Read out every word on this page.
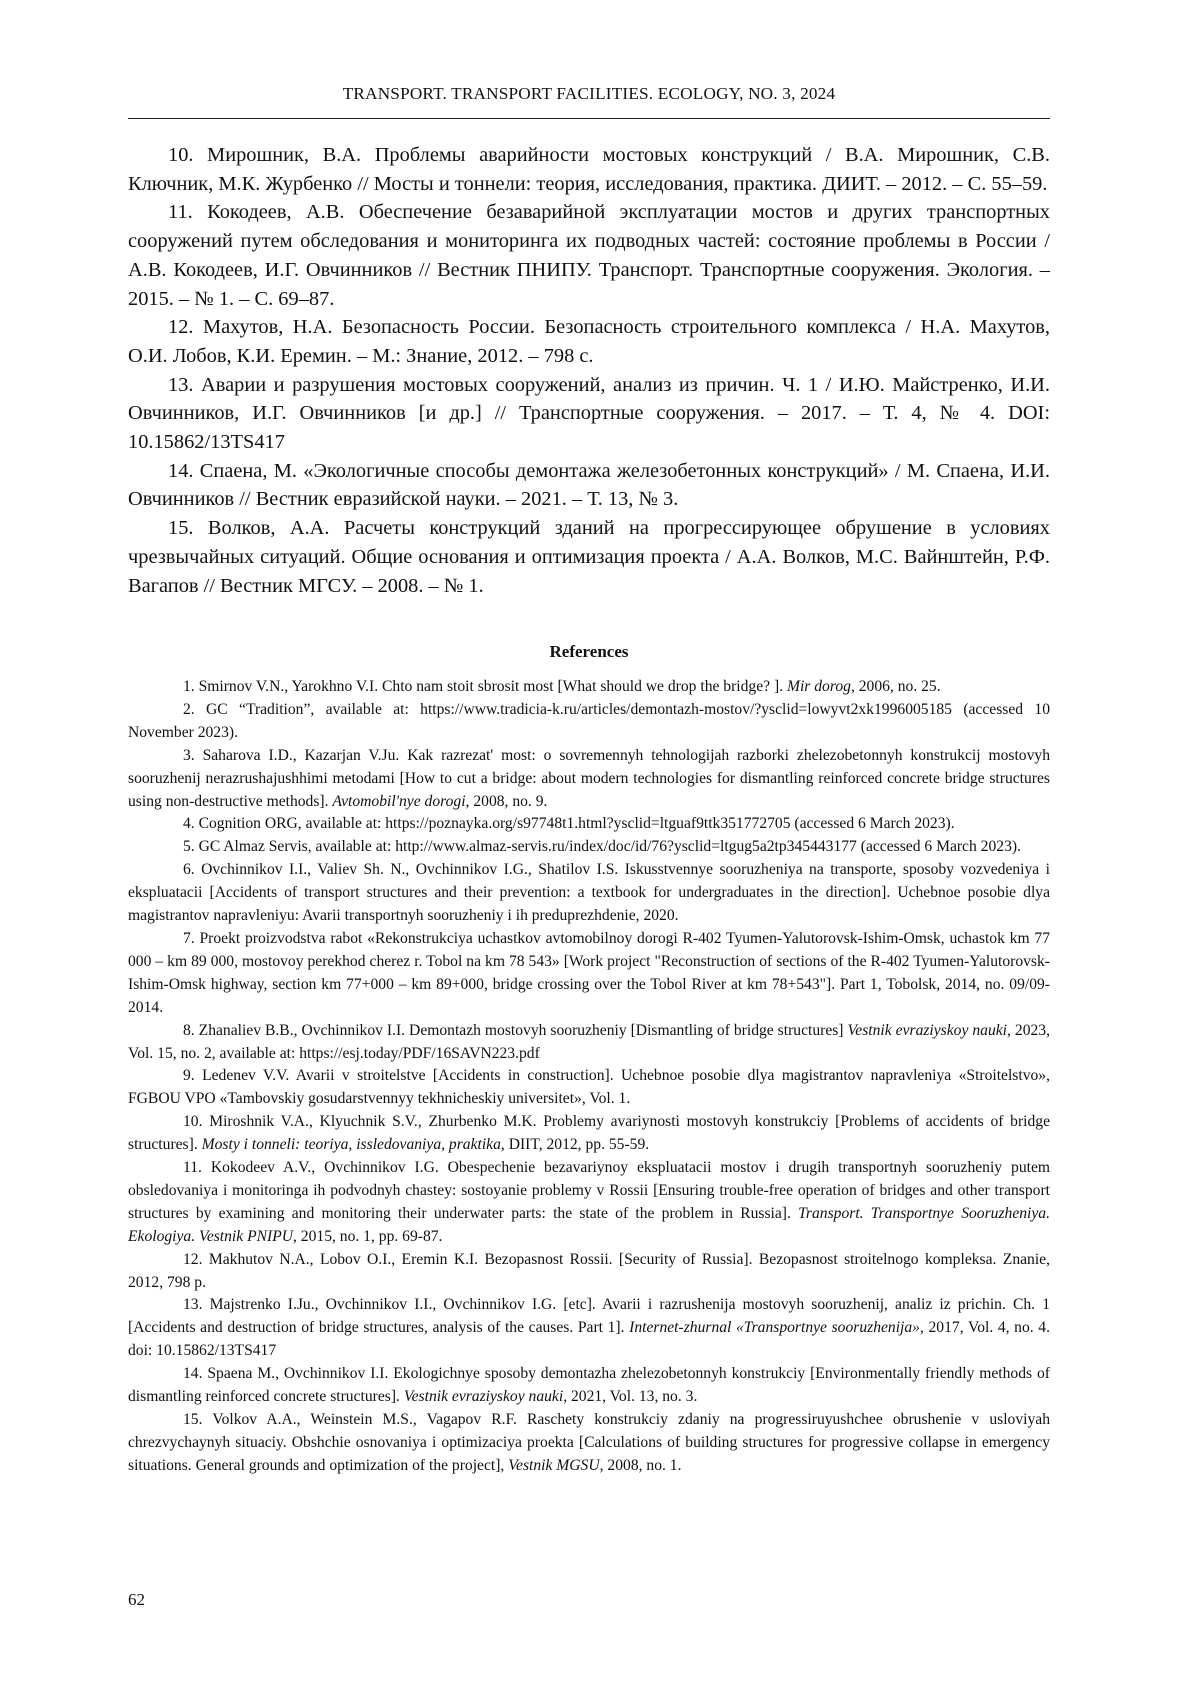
TRANSPORT. TRANSPORT FACILITIES. ECOLOGY, NO. 3, 2024

10. Мирошник, В.А. Проблемы аварийности мостовых конструкций / В.А. Мирошник, С.В. Ключник, М.К. Журбенко // Мосты и тоннели: теория, исследования, практика. ДИИТ. – 2012. – С. 55–59.

11. Кокодеев, А.В. Обеспечение безаварийной эксплуатации мостов и других транспортных сооружений путем обследования и мониторинга их подводных частей: состояние проблемы в России / А.В. Кокодеев, И.Г. Овчинников // Вестник ПНИПУ. Транспорт. Транспортные сооружения. Экология. – 2015. – № 1. – С. 69–87.

12. Махутов, Н.А. Безопасность России. Безопасность строительного комплекса / Н.А. Махутов, О.И. Лобов, К.И. Еремин. – М.: Знание, 2012. – 798 с.

13. Аварии и разрушения мостовых сооружений, анализ из причин. Ч. 1 / И.Ю. Майстренко, И.И. Овчинников, И.Г. Овчинников [и др.] // Транспортные сооружения. – 2017. – Т. 4, № 4. DOI: 10.15862/13TS417

14. Спаена, М. «Экологичные способы демонтажа железобетонных конструкций» / М. Спаена, И.И. Овчинников // Вестник евразийской науки. – 2021. – Т. 13, № 3.

15. Волков, А.А. Расчеты конструкций зданий на прогрессирующее обрушение в условиях чрезвычайных ситуаций. Общие основания и оптимизация проекта / А.А. Волков, М.С. Вайнштейн, Р.Ф. Вагапов // Вестник МГСУ. – 2008. – № 1.

References

1. Smirnov V.N., Yarokhno V.I. Chto nam stoit sbrosit most [What should we drop the bridge? ]. Mir dorog, 2006, no. 25.

2. GC “Tradition”, available at: https://www.tradicia-k.ru/articles/demontazh-mostov/?ysclid=lowyvt2xk1996005185 (accessed 10 November 2023).

3. Saharova I.D., Kazarjan V.Ju. Kak razrezat' most: o sovremennyh tehnologijah razborki zhelezobetonnyh konstrukcij mostovyh sooruzhenij nerazrushajushhimi metodami [How to cut a bridge: about modern technologies for dismantling reinforced concrete bridge structures using non-destructive methods]. Avtomobil'nye dorogi, 2008, no. 9.

4. Cognition ORG, available at: https://poznayka.org/s97748t1.html?ysclid=ltguaf9ttk351772705 (accessed 6 March 2023).

5. GC Almaz Servis, available at: http://www.almaz-servis.ru/index/doc/id/76?ysclid=ltgug5a2tp345443177 (accessed 6 March 2023).

6. Ovchinnikov I.I., Valiev Sh. N., Ovchinnikov I.G., Shatilov I.S. Iskusstvennye sooruzheniya na transporte, sposoby vozvedeniya i ekspluatacii [Accidents of transport structures and their prevention: a textbook for undergraduates in the direction]. Uchebnoe posobie dlya magistrantov napravleniyu: Avarii transportnyh sooruzheniy i ih preduprezhdenie, 2020.

7. Proekt proizvodstva rabot «Rekonstrukciya uchastkov avtomobilnoy dorogi R-402 Tyumen-Yalutorovsk-Ishim-Omsk, uchastok km 77 000 – km 89 000, mostovoy perekhod cherez r. Tobol na km 78 543» [Work project "Reconstruction of sections of the R-402 Tyumen-Yalutorovsk-Ishim-Omsk highway, section km 77+000 – km 89+000, bridge crossing over the Tobol River at km 78+543"]. Part 1, Tobolsk, 2014, no. 09/09-2014.

8. Zhanaliev B.B., Ovchinnikov I.I. Demontazh mostovyh sooruzheniy [Dismantling of bridge structures] Vestnik evraziyskoy nauki, 2023, Vol. 15, no. 2, available at: https://esj.today/PDF/16SAVN223.pdf

9. Ledenev V.V. Avarii v stroitelstve [Accidents in construction]. Uchebnoe posobie dlya magistrantov napravleniya «Stroitelstvo», FGBOU VPO «Tambovskiy gosudarstvennyy tekhnicheskiy universitet», Vol. 1.

10. Miroshnik V.A., Klyuchnik S.V., Zhurbenko M.K. Problemy avariynosti mostovyh konstrukciy [Problems of accidents of bridge structures]. Mosty i tonneli: teoriya, issledovaniya, praktika, DIIT, 2012, pp. 55-59.

11. Kokodeev A.V., Ovchinnikov I.G. Obespechenie bezavariynoy ekspluatacii mostov i drugih transportnyh sooruzheniy putem obsledovaniya i monitoringa ih podvodnyh chastey: sostoyanie problemy v Rossii [Ensuring trouble-free operation of bridges and other transport structures by examining and monitoring their underwater parts: the state of the problem in Russia]. Transport. Transportnye Sooruzheniya. Ekologiya. Vestnik PNIPU, 2015, no. 1, pp. 69-87.

12. Makhutov N.A., Lobov O.I., Eremin K.I. Bezopasnost Rossii. [Security of Russia]. Bezopasnost stroitelnogo kompleksa. Znanie, 2012, 798 p.

13. Majstrenko I.Ju., Ovchinnikov I.I., Ovchinnikov I.G. [etc]. Avarii i razrushenija mostovyh sooruzhenij, analiz iz prichin. Ch. 1 [Accidents and destruction of bridge structures, analysis of the causes. Part 1]. Internet-zhurnal «Transportnye sooruzhenija», 2017, Vol. 4, no. 4. doi: 10.15862/13TS417

14. Spaena M., Ovchinnikov I.I. Ekologichnye sposoby demontazha zhelezobetonnyh konstrukciy [Environmentally friendly methods of dismantling reinforced concrete structures]. Vestnik evraziyskoy nauki, 2021, Vol. 13, no. 3.

15. Volkov A.A., Weinstein M.S., Vagapov R.F. Raschety konstrukciy zdaniy na progressiruyushchee obrushenie v usloviyah chrezvychaynyh situaciy. Obshchie osnovaniya i optimizaciya proekta [Calculations of building structures for progressive collapse in emergency situations. General grounds and optimization of the project], Vestnik MGSU, 2008, no. 1.

62
